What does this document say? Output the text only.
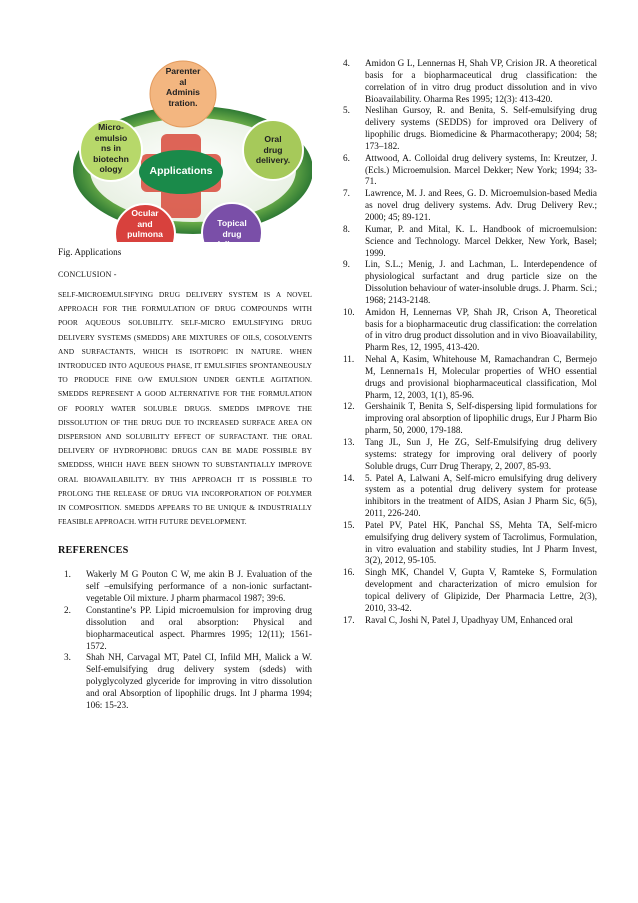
Parenter
al
Adminis
tration.
Oral
drug
delivery.
Topical
drug
delivery.
Ocular
and
pulmona
ry
delivery
Micro-
emulsio
ns in
biotechn
ology	Applications
Fig. Applications
CONCLUSION -
SELF-MICROEMULSIFYING DRUG DELIVERY SYSTEM IS A NOVEL APPROACH FOR THE FORMULATION OF DRUG COMPOUNDS WITH POOR AQUEOUS SOLUBILITY. SELF-MICRO EMULSIFYING DRUG DELIVERY SYSTEMS (SMEDDS) ARE MIXTURES OF OILS, COSOLVENTS AND SURFACTANTS, WHICH IS ISOTROPIC IN NATURE. WHEN INTRODUCED INTO AQUEOUS PHASE, IT EMULSIFIES SPONTANEOUSLY TO PRODUCE FINE O/W EMULSION UNDER GENTLE AGITATION. SMEDDS REPRESENT A GOOD ALTERNATIVE FOR THE FORMULATION OF POORLY WATER SOLUBLE DRUGS. SMEDDS IMPROVE THE DISSOLUTION OF THE DRUG DUE TO INCREASED SURFACE AREA ON DISPERSION AND SOLUBILITY EFFECT OF SURFACTANT. THE ORAL DELIVERY OF HYDROPHOBIC DRUGS CAN BE MADE POSSIBLE BY SMEDDSS, WHICH HAVE BEEN SHOWN TO SUBSTANTIALLY IMPROVE ORAL BIOAVAILABILITY. BY THIS APPROACH IT IS POSSIBLE TO PROLONG THE RELEASE OF DRUG VIA INCORPORATION OF POLYMER IN COMPOSITION. SMEDDS APPEARS TO BE UNIQUE & INDUSTRIALLY FEASIBLE APPROACH. WITH FUTURE DEVELOPMENT.
REFERENCES
1. Wakerly M G Pouton C W, me akin B J. Evaluation of the self –emulsifying performance of a non-ionic surfactant-vegetable Oil mixture. J pharm pharmacol 1987; 39:6.
2. Constantine’s PP. Lipid microemulsion for improving drug dissolution and oral absorption: Physical and biopharmaceutical aspect. Pharmres 1995; 12(11); 1561-1572.
3. Shah NH, Carvagal MT, Patel CI, Infild MH, Malick a W. Self-emulsifying drug delivery system (sdeds) with polyglycolyzed glyceride for improving in vitro dissolution and oral Absorption of lipophilic drugs. Int J pharma 1994; 106: 15-23.
4. Amidon G L, Lennernas H, Shah VP, Crision JR. A theoretical basis for a biopharmaceutical drug classification: the correlation of in vitro drug product dissolution and in vivo Bioavailability. Oharma Res 1995; 12(3): 413-420.
5. Neslihan Gursoy, R. and Benita, S. Self-emulsifying drug delivery systems (SEDDS) for improved ora Delivery of lipophilic drugs. Biomedicine & Pharmacotherapy; 2004; 58; 173–182.
6. Attwood, A. Colloidal drug delivery systems, In: Kreutzer, J. (Ecls.) Microemulsion. Marcel Dekker; New York; 1994; 33-71.
7. Lawrence, M. J. and Rees, G. D. Microemulsion-based Media as novel drug delivery systems. Adv. Drug Delivery Rev.; 2000; 45; 89-121.
8. Kumar, P. and Mital, K. L. Handbook of microemulsion: Science and Technology. Marcel Dekker, New York, Basel; 1999.
9. Lin, S.L.; Menig, J. and Lachman, L. Interdependence of physiological surfactant and drug particle size on the Dissolution behaviour of water-insoluble drugs. J. Pharm. Sci.; 1968; 2143-2148.
10. Amidon H, Lennernas VP, Shah JR, Crison A, Theoretical basis for a biopharmaceutic drug classification: the correlation of in vitro drug product dissolution and in vivo Bioavailability, Pharm Res, 12, 1995, 413-420.
11. Nehal A, Kasim, Whitehouse M, Ramachandran C, Bermejo M, Lennerna1s H, Molecular properties of WHO essential drugs and provisional biopharmaceutical classification, Mol Pharm, 12, 2003, 1(1), 85-96.
12. Gershainik T, Benita S, Self-dispersing lipid formulations for improving oral absorption of lipophilic drugs, Eur J Pharm Bio pharm, 50, 2000, 179-188.
13. Tang JL, Sun J, He ZG, Self-Emulsifying drug delivery systems: strategy for improving oral delivery of poorly Soluble drugs, Curr Drug Therapy, 2, 2007, 85-93.
14. 5. Patel A, Lalwani A, Self-micro emulsifying drug delivery system as a potential drug delivery system for protease inhibitors in the treatment of AIDS, Asian J Pharm Sic, 6(5), 2011, 226-240.
15. Patel PV, Patel HK, Panchal SS, Mehta TA, Self-micro emulsifying drug delivery system of Tacrolimus, Formulation, in vitro evaluation and stability studies, Int J Pharm Invest, 3(2), 2012, 95-105.
16. Singh MK, Chandel V, Gupta V, Ramteke S, Formulation development and characterization of micro emulsion for topical delivery of Glipizide, Der Pharmacia Lettre, 2(3), 2010, 33-42.
17. Raval C, Joshi N, Patel J, Upadhyay UM, Enhanced oral
